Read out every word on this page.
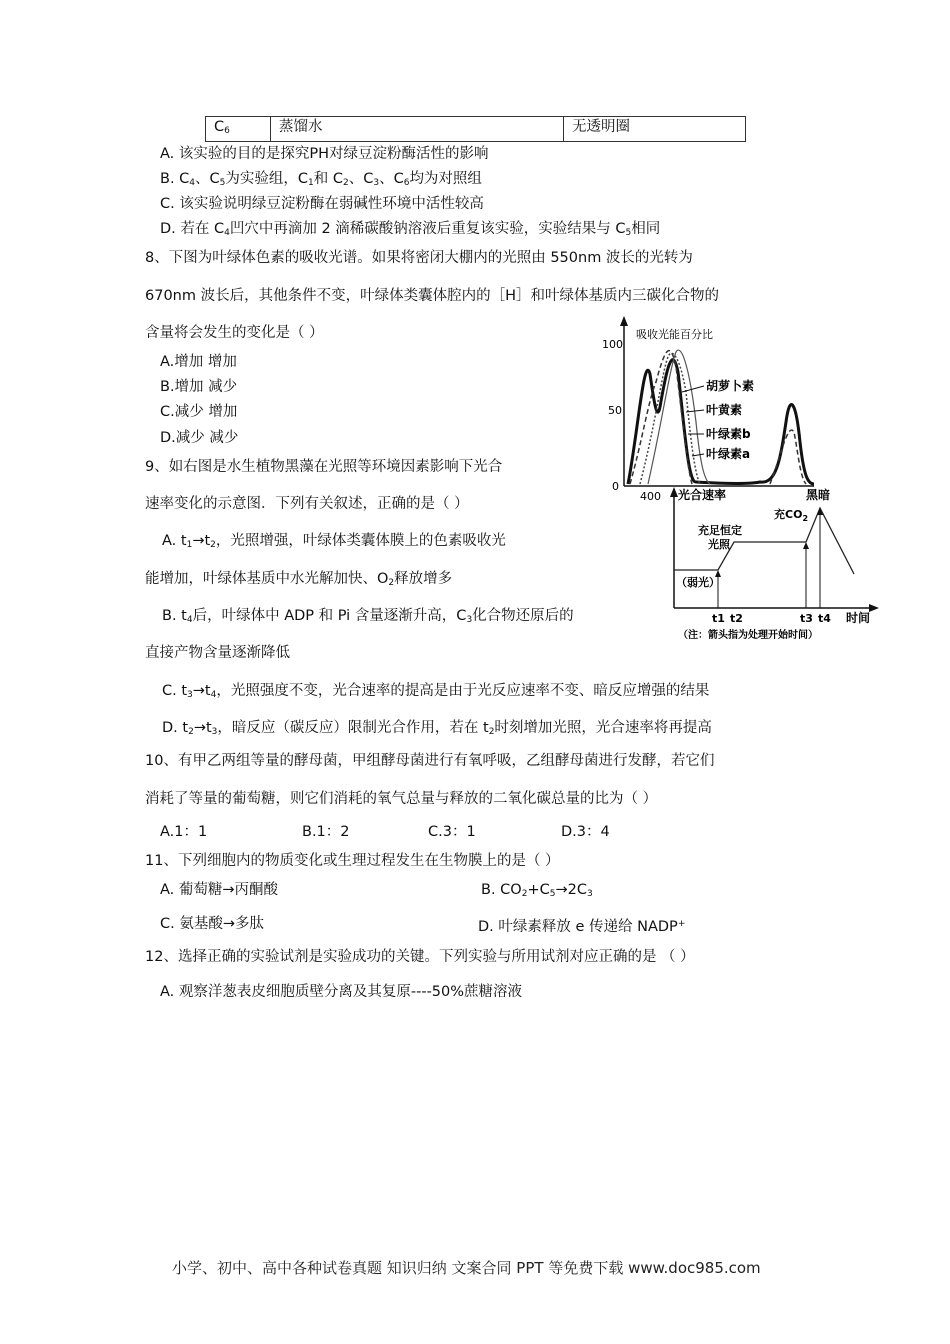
$C_6$	蒸馏水	无透明圈
A. 该实验的目的是探究PH对绿豆淀粉酶活性的影响
B. $C_4$、$C_5$为实验组，$C_1$和 $C_2$、$C_3$、$C_6$均为对照组
C. 该实验说明绿豆淀粉酶在弱碱性环境中活性较高
D. 若在 $C_4$凹穴中再滴加 2 滴稀碳酸钠溶液后重复该实验，实验结果与 $C_5$相同
8、下图为叶绿体色素的吸收光谱。如果将密闭大棚内的光照由 550nm 波长的光转为
670nm 波长后，其他条件不变，叶绿体类囊体腔内的［H］和叶绿体基质内三碳化合物的
含量将会发生的变化是（ ）
A.增加 增加
B.增加 减少
C.减少 增加
D.减少 减少
9、如右图是水生植物黑藻在光照等环境因素影响下光合
速率变化的示意图．下列有关叙述，正确的是（ ）
A. $t_1\to t_2$，光照增强，叶绿体类囊体膜上的色素吸收光
能增加，叶绿体基质中水光解加快、$O_2$释放增多
B. $t_4$后，叶绿体中 ADP 和 Pi 含量逐渐升高，$C_3$化合物还原后的
直接产物含量逐渐降低
C. $t_3\to t_4$，光照强度不变，光合速率的提高是由于光反应速率不变、暗反应增强的结果
D. $t_2\to t_3$，暗反应（碳反应）限制光合作用，若在 $t_2$时刻增加光照，光合速率将再提高
10、有甲乙两组等量的酵母菌，甲组酵母菌进行有氧呼吸，乙组酵母菌进行发酵，若它们
消耗了等量的葡萄糖，则它们消耗的氧气总量与释放的二氧化碳总量的比为（ ）
A.1：1	B.1：2	C.3：1	D.3：4
11、下列细胞内的物质变化或生理过程发生在生物膜上的是（ ）
A. 葡萄糖→丙酮酸	B. $CO_2+C_5\to 2C_3$
C. 氨基酸→多肽	D. 叶绿素释放 e 传递给 NADP+
12、选择正确的实验试剂是实验成功的关键。下列实验与所用试剂对应正确的是 （ ）
A. 观察洋葱表皮细胞质壁分离及其复原----50%蔗糖溶液
吸收光能百分比
100
50
0
400
胡萝卜素
叶黄素
叶绿素b
叶绿素a
光合速率
时间
t1 t2	t3 t4
（弱光）
充足恒定
光照
充$CO_2$
黑暗
（注：箭头指为处理开始时间）
小学、初中、高中各种试卷真题 知识归纳 文案合同 PPT 等免费下载 www.doc985.com
